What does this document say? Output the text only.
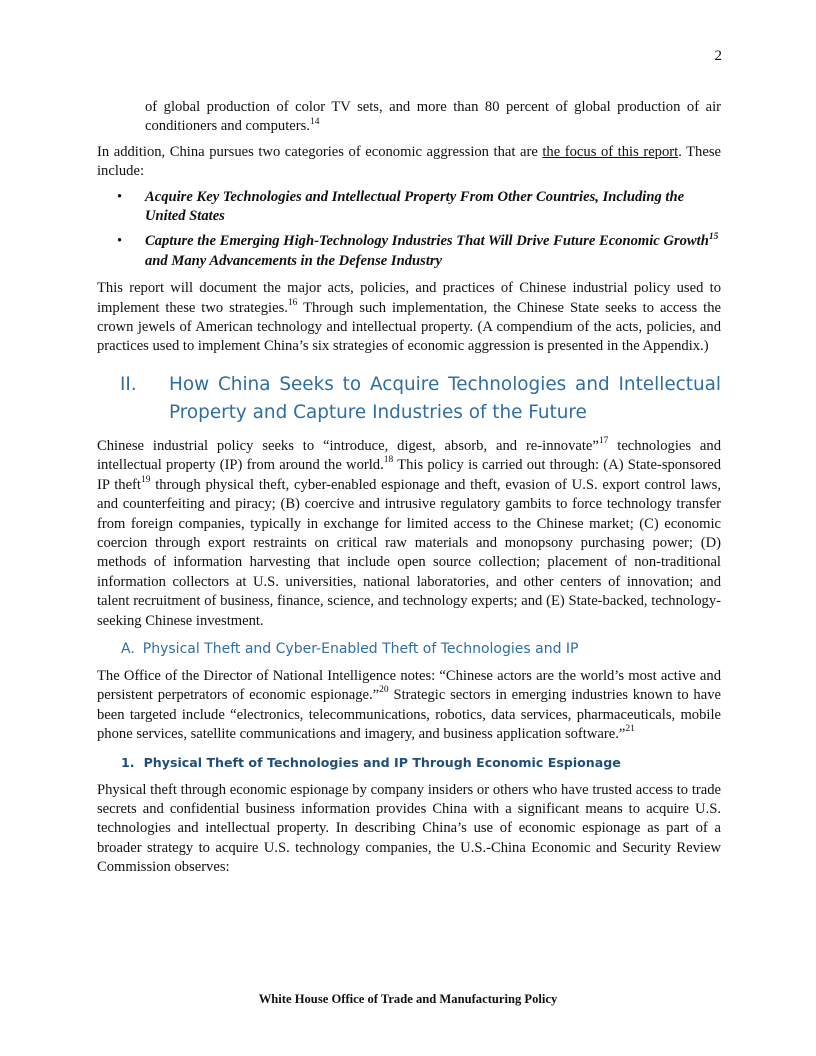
2

of global production of color TV sets, and more than 80 percent of global production of air conditioners and computers.$^{14}$

In addition, China pursues two categories of economic aggression that are the focus of this report. These include:

• Acquire Key Technologies and Intellectual Property From Other Countries, Including the United States
• Capture the Emerging High-Technology Industries That Will Drive Future Economic Growth$^{15}$ and Many Advancements in the Defense Industry

This report will document the major acts, policies, and practices of Chinese industrial policy used to implement these two strategies.$^{16}$ Through such implementation, the Chinese State seeks to access the crown jewels of American technology and intellectual property. (A compendium of the acts, policies, and practices used to implement China’s six strategies of economic aggression is presented in the Appendix.)

II. How China Seeks to Acquire Technologies and Intellectual Property and Capture Industries of the Future

Chinese industrial policy seeks to “introduce, digest, absorb, and re-innovate”$^{17}$ technologies and intellectual property (IP) from around the world.$^{18}$ This policy is carried out through: (A) State-sponsored IP theft$^{19}$ through physical theft, cyber-enabled espionage and theft, evasion of U.S. export control laws, and counterfeiting and piracy; (B) coercive and intrusive regulatory gambits to force technology transfer from foreign companies, typically in exchange for limited access to the Chinese market; (C) economic coercion through export restraints on critical raw materials and monopsony purchasing power; (D) methods of information harvesting that include open source collection; placement of non-traditional information collectors at U.S. universities, national laboratories, and other centers of innovation; and talent recruitment of business, finance, science, and technology experts; and (E) State-backed, technology-seeking Chinese investment.

A. Physical Theft and Cyber-Enabled Theft of Technologies and IP

The Office of the Director of National Intelligence notes: “Chinese actors are the world’s most active and persistent perpetrators of economic espionage.”$^{20}$ Strategic sectors in emerging industries known to have been targeted include “electronics, telecommunications, robotics, data services, pharmaceuticals, mobile phone services, satellite communications and imagery, and business application software.”$^{21}$

1. Physical Theft of Technologies and IP Through Economic Espionage

Physical theft through economic espionage by company insiders or others who have trusted access to trade secrets and confidential business information provides China with a significant means to acquire U.S. technologies and intellectual property. In describing China’s use of economic espionage as part of a broader strategy to acquire U.S. technology companies, the U.S.-China Economic and Security Review Commission observes:

White House Office of Trade and Manufacturing Policy
